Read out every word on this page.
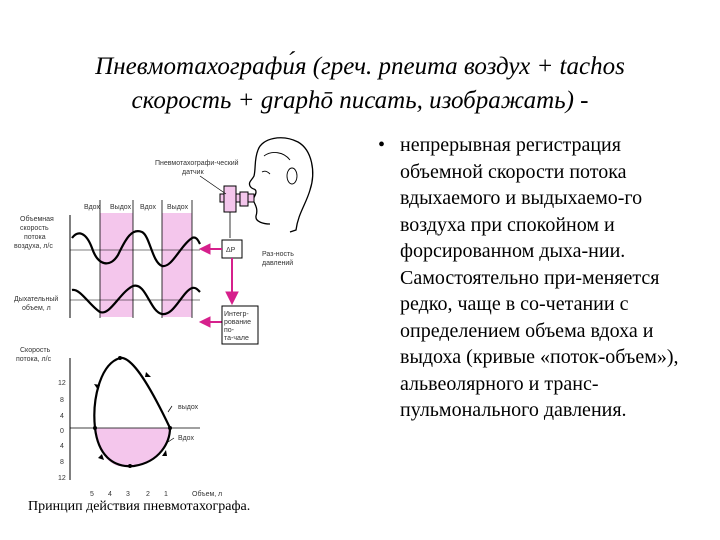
Пневмотахографи́я (греч. pneuma воздух + tachos
скорость + graphō писать, изображать) -
• непрерывная регистрация объемной скорости потока вдыхаемого и выдыхаемо-го воздуха при спокойном и форсированном дыха-нии. Самостоятельно при-меняется редко, чаще в со-четании с определением объема вдоха и выдоха (кривые «поток-объем»), альвеолярного и транс-пульмонального давления.
Вдох Выдох Вдох Выдох
Объемная
скорость
потока
воздуха, л/с
Дыхательный
объем, л
Пневмотахографи-ческий
датчик
ΔP
Раз-ность
давлений
Интегр-
рование
по-
та-чале
Скорость
потока, л/с
12
8
4
0
4
8
12
5 4 3 2 1	Объем, л
выдох
Вдох
Принцип действия пневмотахографа.
